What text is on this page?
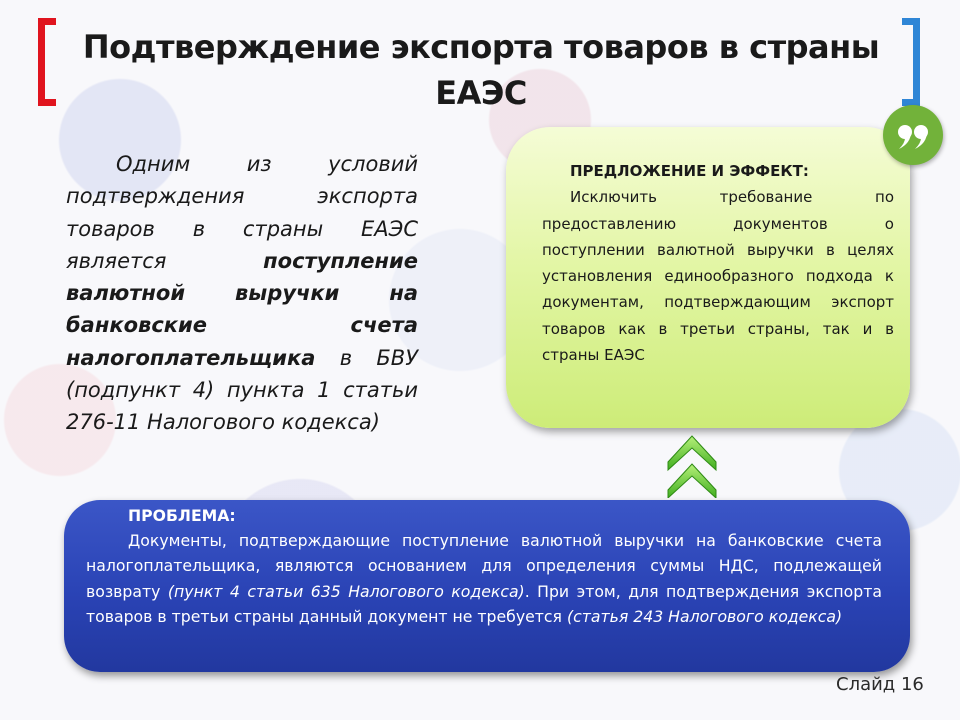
Подтверждение экспорта товаров в страны ЕАЭС
Одним из условий подтверждения экспорта товаров в страны ЕАЭС является поступление валютной выручки на банковские счета налогоплательщика в БВУ (подпункт 4) пункта 1 статьи 276-11 Налогового кодекса)
ПРЕДЛОЖЕНИЕ И ЭФФЕКТ:
Исключить требование по предоставлению документов о поступлении валютной выручки в целях установления единообразного подхода к документам, подтверждающим экспорт товаров как в третьи страны, так и в страны ЕАЭС
ПРОБЛЕМА:
Документы, подтверждающие поступление валютной выручки на банковские счета налогоплательщика, являются основанием для определения суммы НДС, подлежащей возврату (пункт 4 статьи 635 Налогового кодекса). При этом, для подтверждения экспорта товаров в третьи страны данный документ не требуется (статья 243 Налогового кодекса)
Слайд 16
